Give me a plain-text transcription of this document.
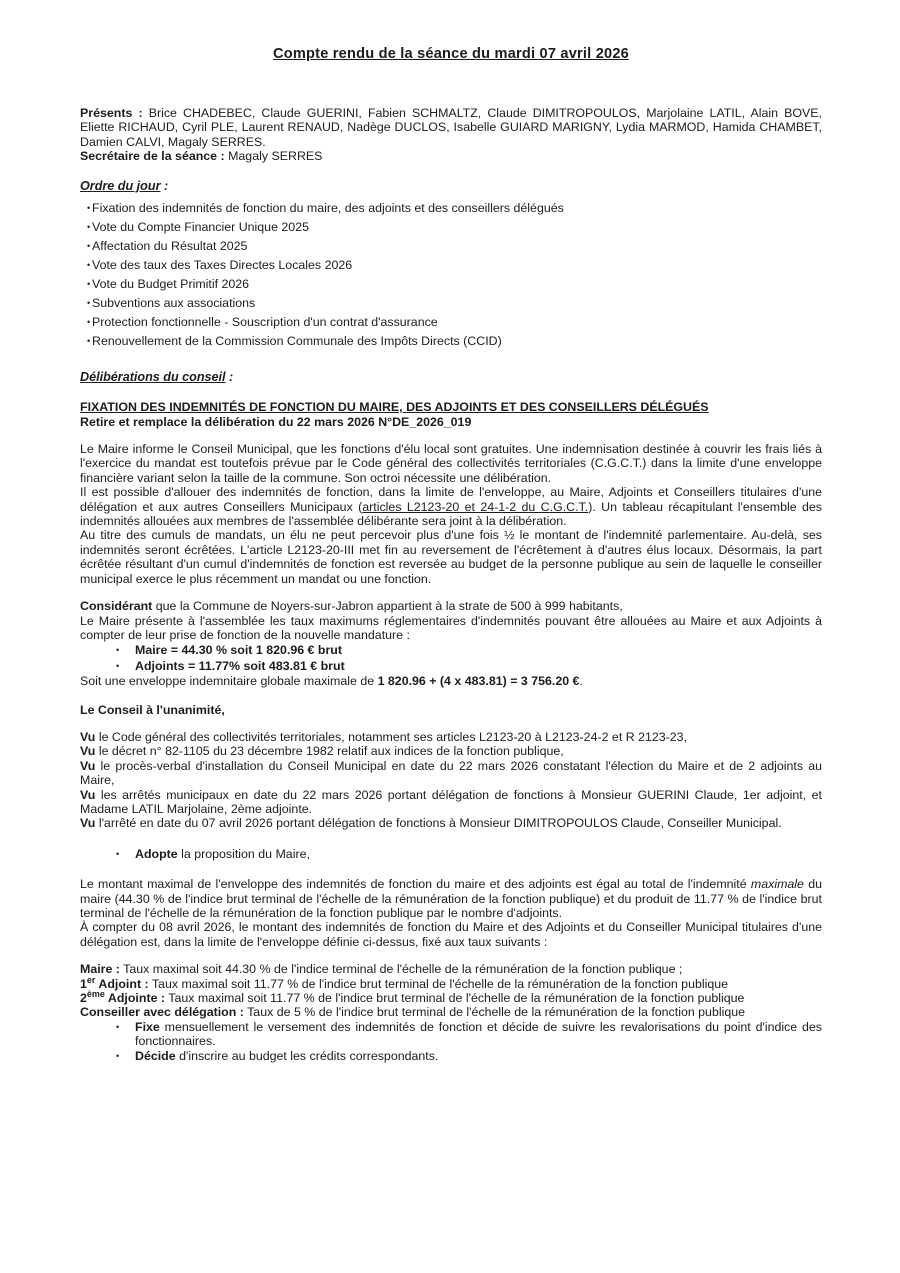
Compte rendu de la séance du mardi 07 avril 2026

Présents : Brice CHADEBEC, Claude GUERINI, Fabien SCHMALTZ, Claude DIMITROPOULOS, Marjolaine LATIL, Alain BOVE, Eliette RICHAUD, Cyril PLE, Laurent RENAUD, Nadège DUCLOS, Isabelle GUIARD MARIGNY, Lydia MARMOD, Hamida CHAMBET, Damien CALVI, Magaly SERRES.

Secrétaire de la séance : Magaly SERRES

Ordre du jour :

• Fixation des indemnités de fonction du maire, des adjoints et des conseillers délégués
• Vote du Compte Financier Unique 2025
• Affectation du Résultat 2025
• Vote des taux des Taxes Directes Locales 2026
• Vote du Budget Primitif 2026
• Subventions aux associations
• Protection fonctionnelle - Souscription d'un contrat d'assurance
• Renouvellement de la Commission Communale des Impôts Directs (CCID)

Délibérations du conseil :

FIXATION DES INDEMNITÉS DE FONCTION DU MAIRE, DES ADJOINTS ET DES CONSEILLERS DÉLÉGUÉS

Retire et remplace la délibération du 22 mars 2026 N°DE_2026_019

Le Maire informe le Conseil Municipal, que les fonctions d'élu local sont gratuites. Une indemnisation destinée à couvrir les frais liés à l'exercice du mandat est toutefois prévue par le Code général des collectivités territoriales (C.G.C.T.) dans la limite d'une enveloppe financière variant selon la taille de la commune. Son octroi nécessite une délibération.

Il est possible d'allouer des indemnités de fonction, dans la limite de l'enveloppe, au Maire, Adjoints et Conseillers titulaires d'une délégation et aux autres Conseillers Municipaux (articles L2123-20 et 24-1-2 du C.G.C.T.). Un tableau récapitulant l'ensemble des indemnités allouées aux membres de l'assemblée délibérante sera joint à la délibération.

Au titre des cumuls de mandats, un élu ne peut percevoir plus d'une fois ½ le montant de l'indemnité parlementaire. Au-delà, ses indemnités seront écrêtées. L'article L2123-20-III met fin au reversement de l'écrêtement à d'autres élus locaux. Désormais, la part écrêtée résultant d'un cumul d'indemnités de fonction est reversée au budget de la personne publique au sein de laquelle le conseiller municipal exerce le plus récemment un mandat ou une fonction.

Considérant que la Commune de Noyers-sur-Jabron appartient à la strate de 500 à 999 habitants,

Le Maire présente à l'assemblée les taux maximums réglementaires d'indemnités pouvant être allouées au Maire et aux Adjoints à compter de leur prise de fonction de la nouvelle mandature :

•	Maire = 44.30 % soit 1 820.96 € brut
•	Adjoints = 11.77% soit 483.81 € brut

Soit une enveloppe indemnitaire globale maximale de 1 820.96 + (4 x 483.81) = 3 756.20 €.

Le Conseil à l'unanimité,

Vu le Code général des collectivités territoriales, notamment ses articles L2123-20 à L2123-24-2 et R 2123-23,

Vu le décret n° 82-1105 du 23 décembre 1982 relatif aux indices de la fonction publique,

Vu le procès-verbal d'installation du Conseil Municipal en date du 22 mars 2026 constatant l'élection du Maire et de 2 adjoints au Maire,

Vu les arrêtés municipaux en date du 22 mars 2026 portant délégation de fonctions à Monsieur GUERINI Claude, 1er adjoint, et Madame LATIL Marjolaine, 2ème adjointe.

Vu l'arrêté en date du 07 avril 2026 portant délégation de fonctions à Monsieur DIMITROPOULOS Claude, Conseiller Municipal.

•	Adopte la proposition du Maire,

Le montant maximal de l'enveloppe des indemnités de fonction du maire et des adjoints est égal au total de l'indemnité maximale du maire (44.30 % de l'indice brut terminal de l'échelle de la rémunération de la fonction publique) et du produit de 11.77 % de l'indice brut terminal de l'échelle de la rémunération de la fonction publique par le nombre d'adjoints.

À compter du 08 avril 2026, le montant des indemnités de fonction du Maire et des Adjoints et du Conseiller Municipal titulaires d'une délégation est, dans la limite de l'enveloppe définie ci-dessus, fixé aux taux suivants :

Maire : Taux maximal soit 44.30 % de l'indice terminal de l'échelle de la rémunération de la fonction publique ;

1er Adjoint : Taux maximal soit 11.77 % de l'indice brut terminal de l'échelle de la rémunération de la fonction publique

2ème Adjointe : Taux maximal soit 11.77 % de l'indice brut terminal de l'échelle de la rémunération de la fonction publique

Conseiller avec délégation : Taux de 5 % de l'indice brut terminal de l'échelle de la rémunération de la fonction publique

•	Fixe mensuellement le versement des indemnités de fonction et décide de suivre les revalorisations du point d'indice des fonctionnaires.
•	Décide d'inscrire au budget les crédits correspondants.
